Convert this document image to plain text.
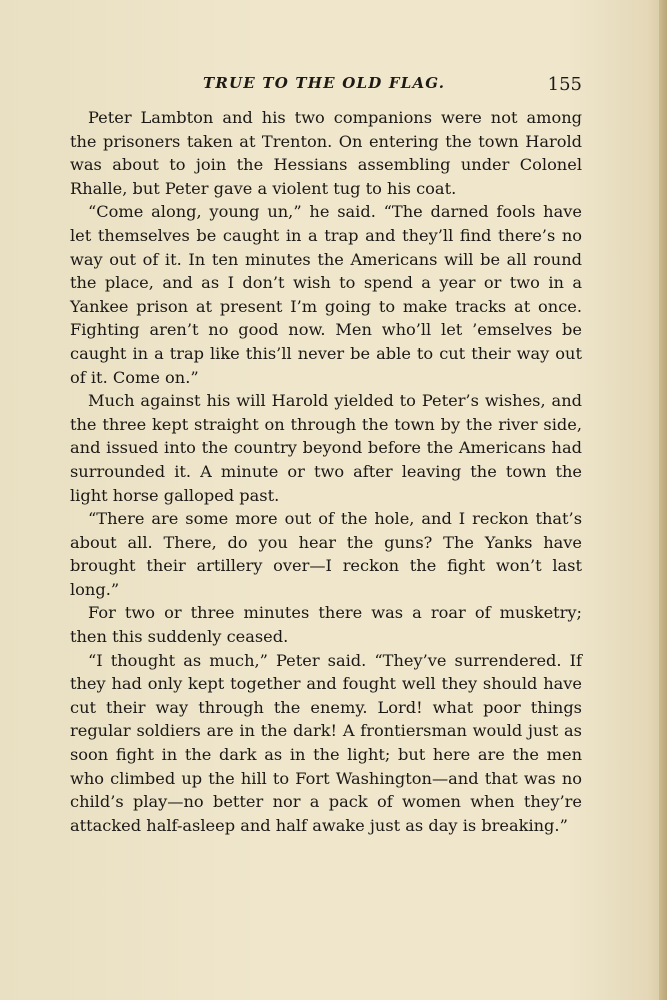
TRUE TO THE OLD FLAG.	155

Peter Lambton and his two companions were not among the prisoners taken at Trenton. On entering the town Harold was about to join the Hessians assembling under Colonel Rhalle, but Peter gave a violent tug to his coat.

“Come along, young un,” he said. “The darned fools have let themselves be caught in a trap and they’ll find there’s no way out of it. In ten minutes the Americans will be all round the place, and as I don’t wish to spend a year or two in a Yankee prison at present I’m going to make tracks at once. Fighting aren’t no good now. Men who’ll let ’emselves be caught in a trap like this’ll never be able to cut their way out of it. Come on.”

Much against his will Harold yielded to Peter’s wishes, and the three kept straight on through the town by the river side, and issued into the country beyond before the Americans had surrounded it. A minute or two after leaving the town the light horse galloped past.

“There are some more out of the hole, and I reckon that’s about all. There, do you hear the guns? The Yanks have brought their artillery over—I reckon the fight won’t last long.”

For two or three minutes there was a roar of musketry; then this suddenly ceased.

“I thought as much,” Peter said. “They’ve surrendered. If they had only kept together and fought well they should have cut their way through the enemy. Lord! what poor things regular soldiers are in the dark! A frontiersman would just as soon fight in the dark as in the light; but here are the men who climbed up the hill to Fort Washington—and that was no child’s play—no better nor a pack of women when they’re attacked half-asleep and half awake just as day is breaking.”
